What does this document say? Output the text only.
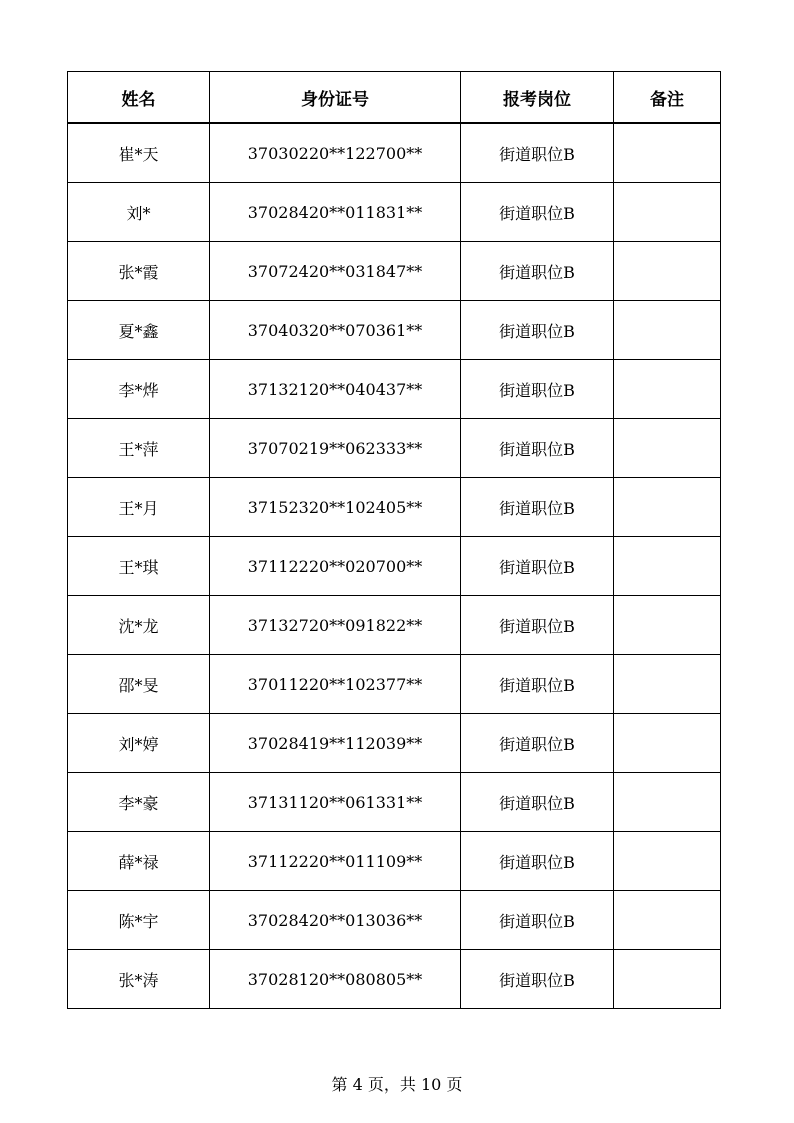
姓名	身份证号	报考岗位	备注
崔*天	37030220**122700**	街道职位B	
刘*	37028420**011831**	街道职位B	
张*霞	37072420**031847**	街道职位B	
夏*鑫	37040320**070361**	街道职位B	
李*烨	37132120**040437**	街道职位B	
王*萍	37070219**062333**	街道职位B	
王*月	37152320**102405**	街道职位B	
王*琪	37112220**020700**	街道职位B	
沈*龙	37132720**091822**	街道职位B	
邵*旻	37011220**102377**	街道职位B	
刘*婷	37028419**112039**	街道职位B	
李*豪	37131120**061331**	街道职位B	
薛*禄	37112220**011109**	街道职位B	
陈*宇	37028420**013036**	街道职位B	
张*涛	37028120**080805**	街道职位B	
第 4 页，共 10 页
